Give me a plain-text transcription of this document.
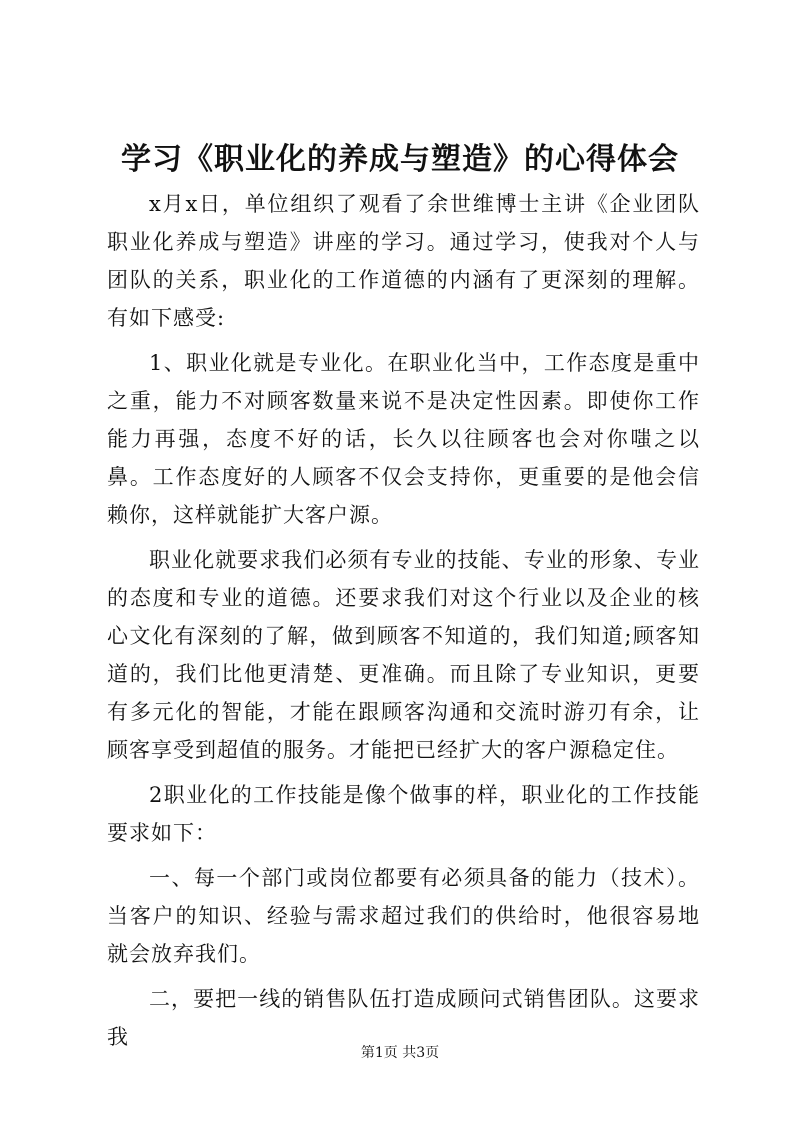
学习《职业化的养成与塑造》的心得体会

x月x日，单位组织了观看了余世维博士主讲《企业团队职业化养成与塑造》讲座的学习。通过学习，使我对个人与团队的关系，职业化的工作道德的内涵有了更深刻的理解。有如下感受:

1、职业化就是专业化。在职业化当中，工作态度是重中之重，能力不对顾客数量来说不是决定性因素。即使你工作能力再强，态度不好的话，长久以往顾客也会对你嗤之以鼻。工作态度好的人顾客不仅会支持你，更重要的是他会信赖你，这样就能扩大客户源。

职业化就要求我们必须有专业的技能、专业的形象、专业的态度和专业的道德。还要求我们对这个行业以及企业的核心文化有深刻的了解，做到顾客不知道的，我们知道;顾客知道的，我们比他更清楚、更准确。而且除了专业知识，更要有多元化的智能，才能在跟顾客沟通和交流时游刃有余，让顾客享受到超值的服务。才能把已经扩大的客户源稳定住。

2职业化的工作技能是像个做事的样，职业化的工作技能要求如下：

一、每一个部门或岗位都要有必须具备的能力（技术）。当客户的知识、经验与需求超过我们的供给时，他很容易地就会放弃我们。

二，要把一线的销售队伍打造成顾问式销售团队。这要求我

第1页 共3页
